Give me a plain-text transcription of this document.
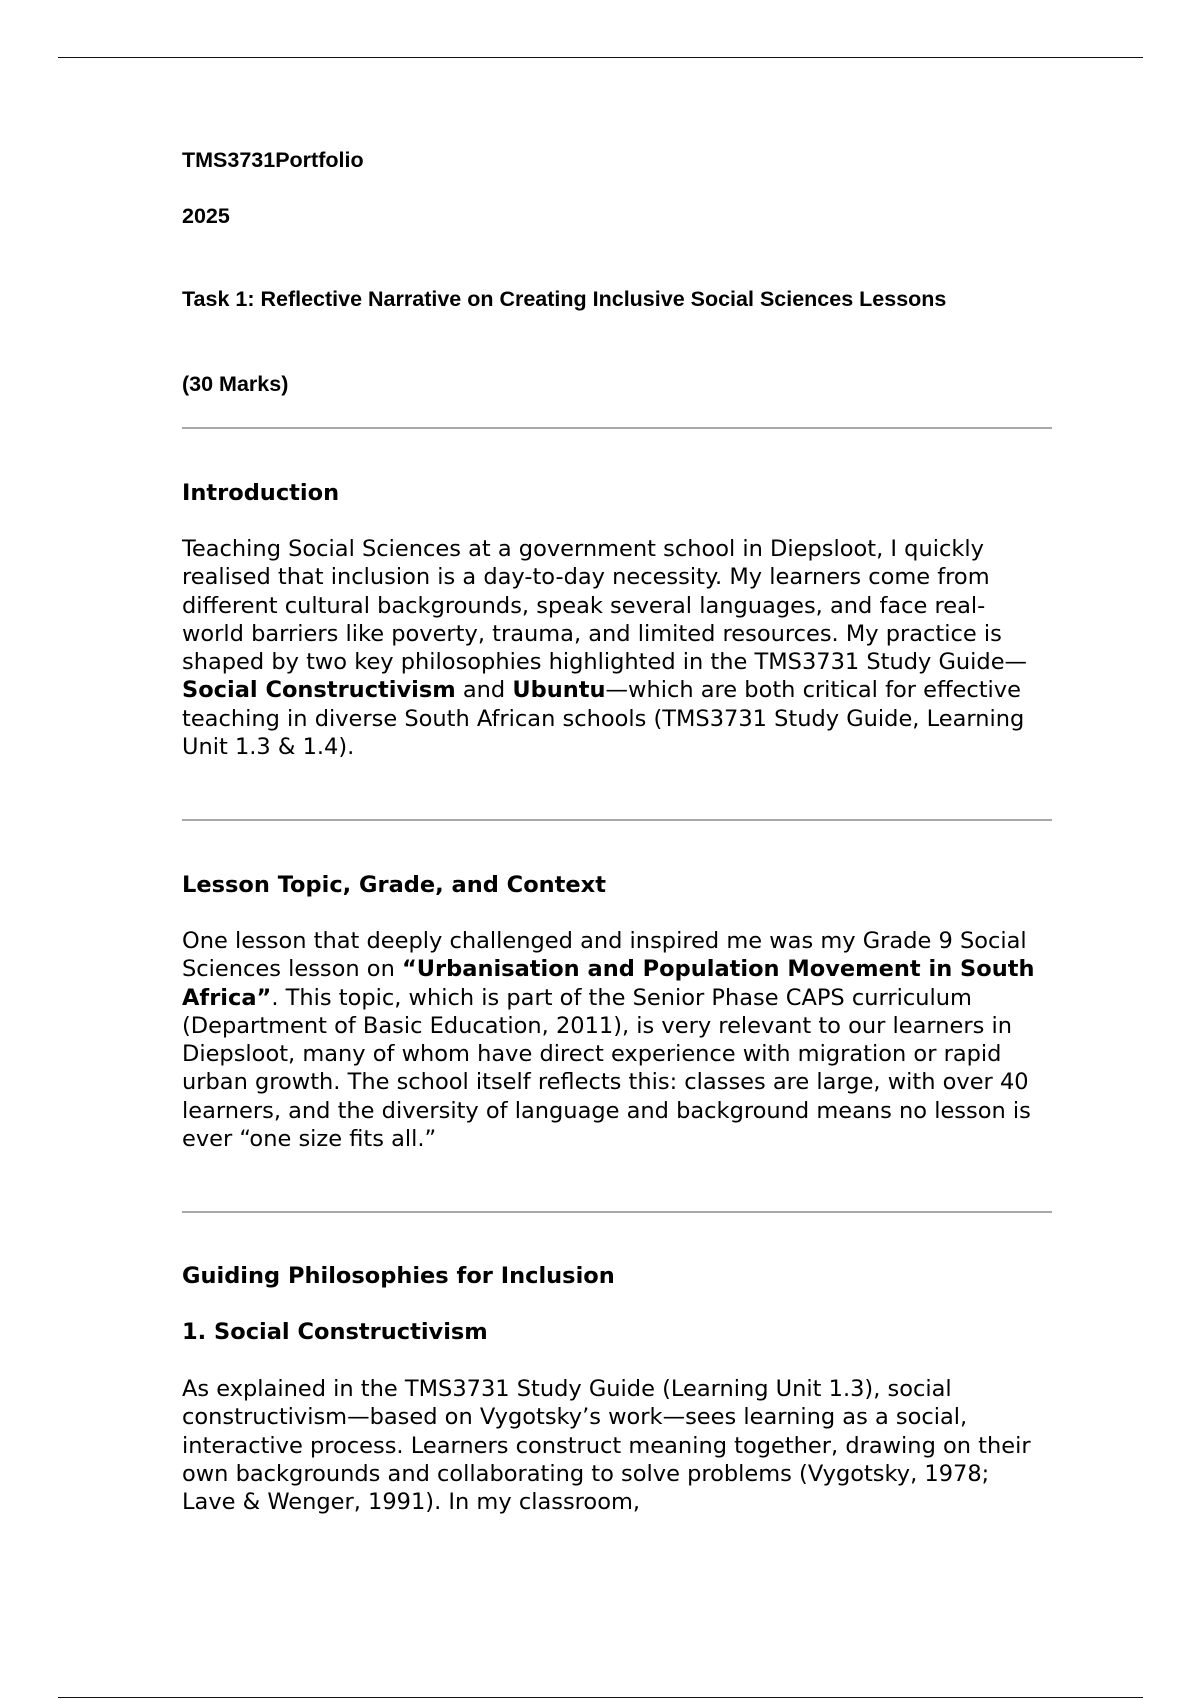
TMS3731Portfolio

2025

Task 1: Reflective Narrative on Creating Inclusive Social Sciences Lessons

(30 Marks)

Introduction

Teaching Social Sciences at a government school in Diepsloot, I quickly realised that inclusion is a day-to-day necessity. My learners come from different cultural backgrounds, speak several languages, and face real-world barriers like poverty, trauma, and limited resources. My practice is shaped by two key philosophies highlighted in the TMS3731 Study Guide—Social Constructivism and Ubuntu—which are both critical for effective teaching in diverse South African schools (TMS3731 Study Guide, Learning Unit 1.3 & 1.4).

Lesson Topic, Grade, and Context

One lesson that deeply challenged and inspired me was my Grade 9 Social Sciences lesson on “Urbanisation and Population Movement in South Africa”. This topic, which is part of the Senior Phase CAPS curriculum (Department of Basic Education, 2011), is very relevant to our learners in Diepsloot, many of whom have direct experience with migration or rapid urban growth. The school itself reflects this: classes are large, with over 40 learners, and the diversity of language and background means no lesson is ever “one size fits all.”

Guiding Philosophies for Inclusion
1. Social Constructivism

As explained in the TMS3731 Study Guide (Learning Unit 1.3), social constructivism—based on Vygotsky’s work—sees learning as a social, interactive process. Learners construct meaning together, drawing on their own backgrounds and collaborating to solve problems (Vygotsky, 1978; Lave & Wenger, 1991). In my classroom,
